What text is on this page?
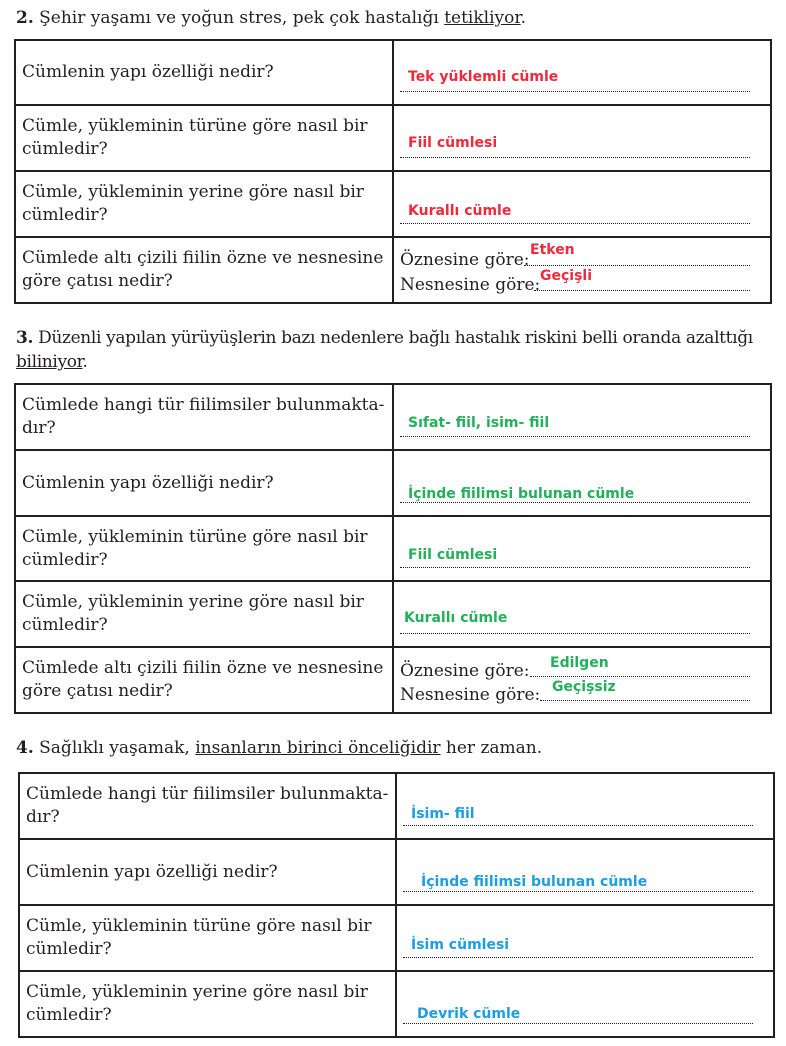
2. Şehir yaşamı ve yoğun stres, pek çok hastalığı tetikliyor.

Cümlenin yapı özelliği nedir?	Tek yüklemli cümle

Cümle, yükleminin türüne göre nasıl bir cümledir?	Fiil cümlesi

Cümle, yükleminin yerine göre nasıl bir cümledir?	Kurallı cümle

Cümlede altı çizili fiilin özne ve nesnesine göre çatısı nedir?	Öznesine göre: Etken
Nesnesine göre: Geçişli

3. Düzenli yapılan yürüyüşlerin bazı nedenlere bağlı hastalık riskini belli oranda azalttığı biliniyor.

Cümlede hangi tür fiilimsiler bulunmakta-dır?	Sıfat- fiil, isim- fiil

Cümlenin yapı özelliği nedir?	İçinde fiilimsi bulunan cümle

Cümle, yükleminin türüne göre nasıl bir cümledir?	Fiil cümlesi

Cümle, yükleminin yerine göre nasıl bir cümledir?	Kurallı cümle

Cümlede altı çizili fiilin özne ve nesnesine göre çatısı nedir?	Öznesine göre: Edilgen
Nesnesine göre: Geçişsiz

4. Sağlıklı yaşamak, insanların birinci önceliğidir her zaman.

Cümlede hangi tür fiilimsiler bulunmakta-dır?	İsim- fiil

Cümlenin yapı özelliği nedir?	İçinde fiilimsi bulunan cümle

Cümle, yükleminin türüne göre nasıl bir cümledir?	İsim cümlesi

Cümle, yükleminin yerine göre nasıl bir cümledir?	Devrik cümle
